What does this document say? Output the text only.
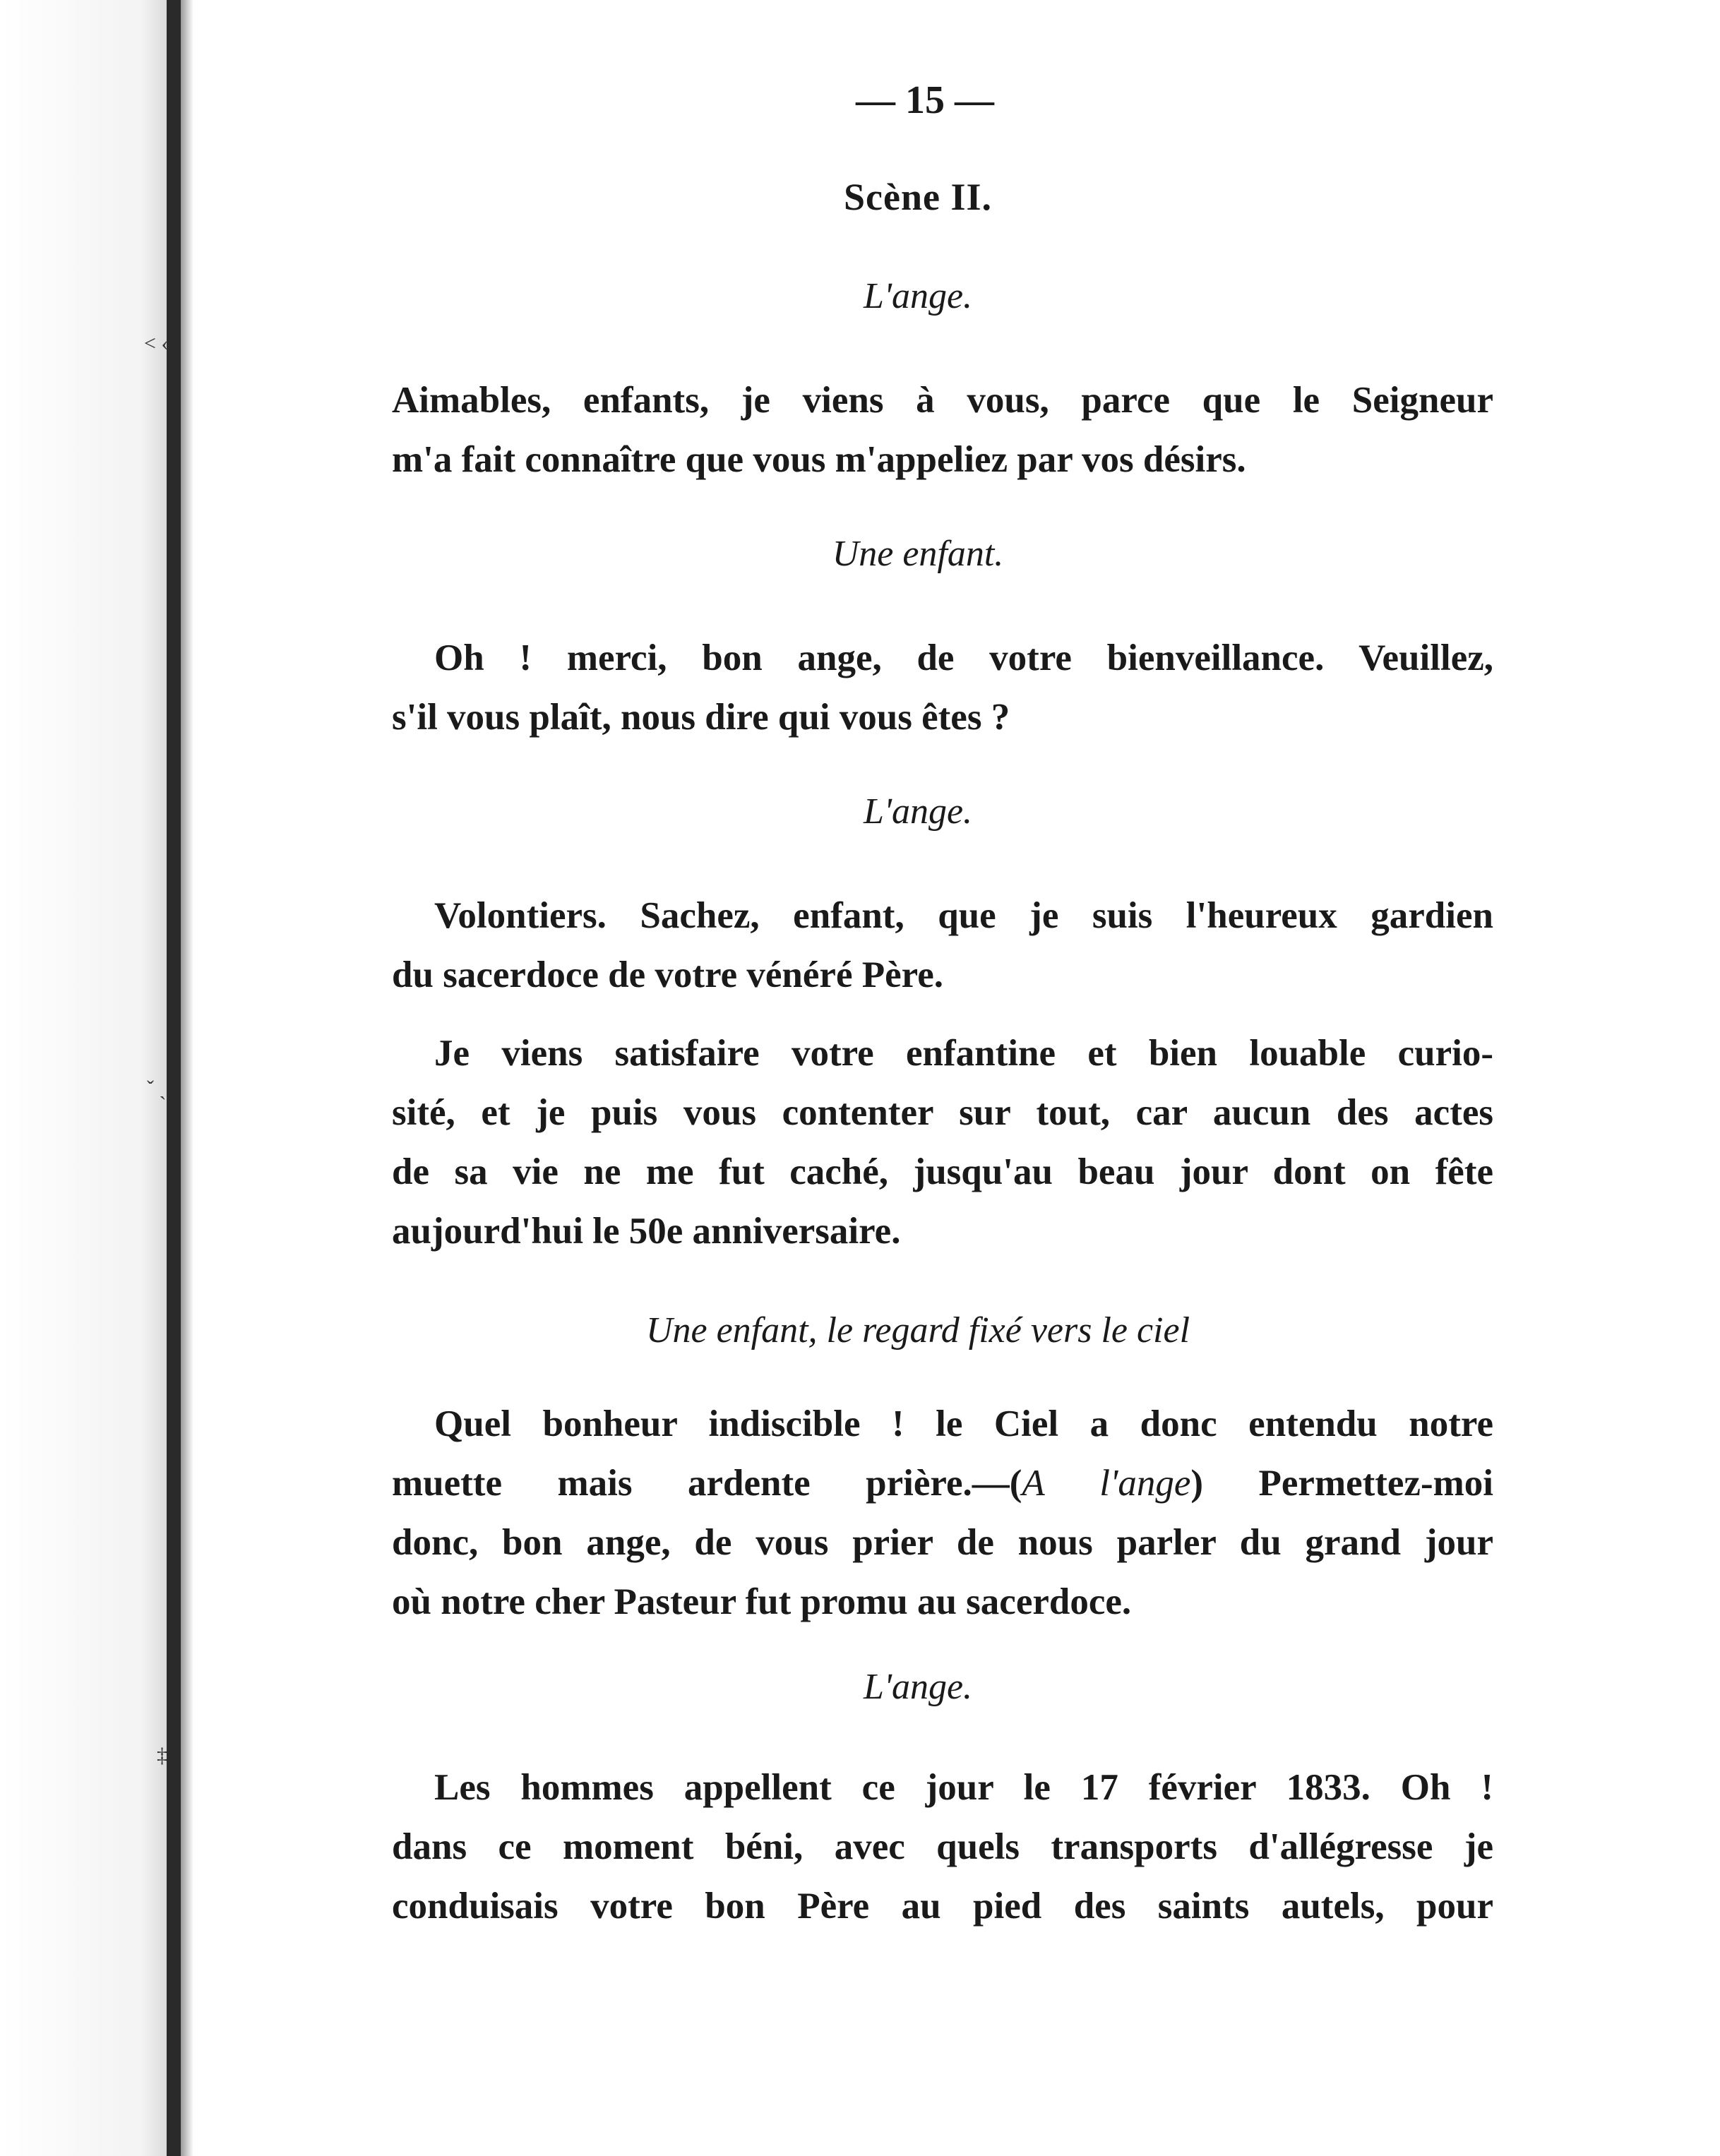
˂ ‹
ˇ ˎ
‡
— 15 —
Scène II.
L'ange.
Aimables, enfants, je viens à vous, parce que le Seigneur
m'a fait connaître que vous m'appeliez par vos désirs.
Une enfant.
Oh ! merci, bon ange, de votre bienveillance. Veuillez,
s'il vous plaît, nous dire qui vous êtes ?
L'ange.
Volontiers. Sachez, enfant, que je suis l'heureux gardien
du sacerdoce de votre vénéré Père.
Je viens satisfaire votre enfantine et bien louable curio-
sité, et je puis vous contenter sur tout, car aucun des actes
de sa vie ne me fut caché, jusqu'au beau jour dont on fête
aujourd'hui le 50e anniversaire.
Une enfant, le regard fixé vers le ciel
Quel bonheur indiscible ! le Ciel a donc entendu notre
muette mais ardente prière.—(A l'ange) Permettez-moi
donc, bon ange, de vous prier de nous parler du grand jour
où notre cher Pasteur fut promu au sacerdoce.
L'ange.
Les hommes appellent ce jour le 17 février 1833. Oh !
dans ce moment béni, avec quels transports d'allégresse je
conduisais votre bon Père au pied des saints autels, pour
